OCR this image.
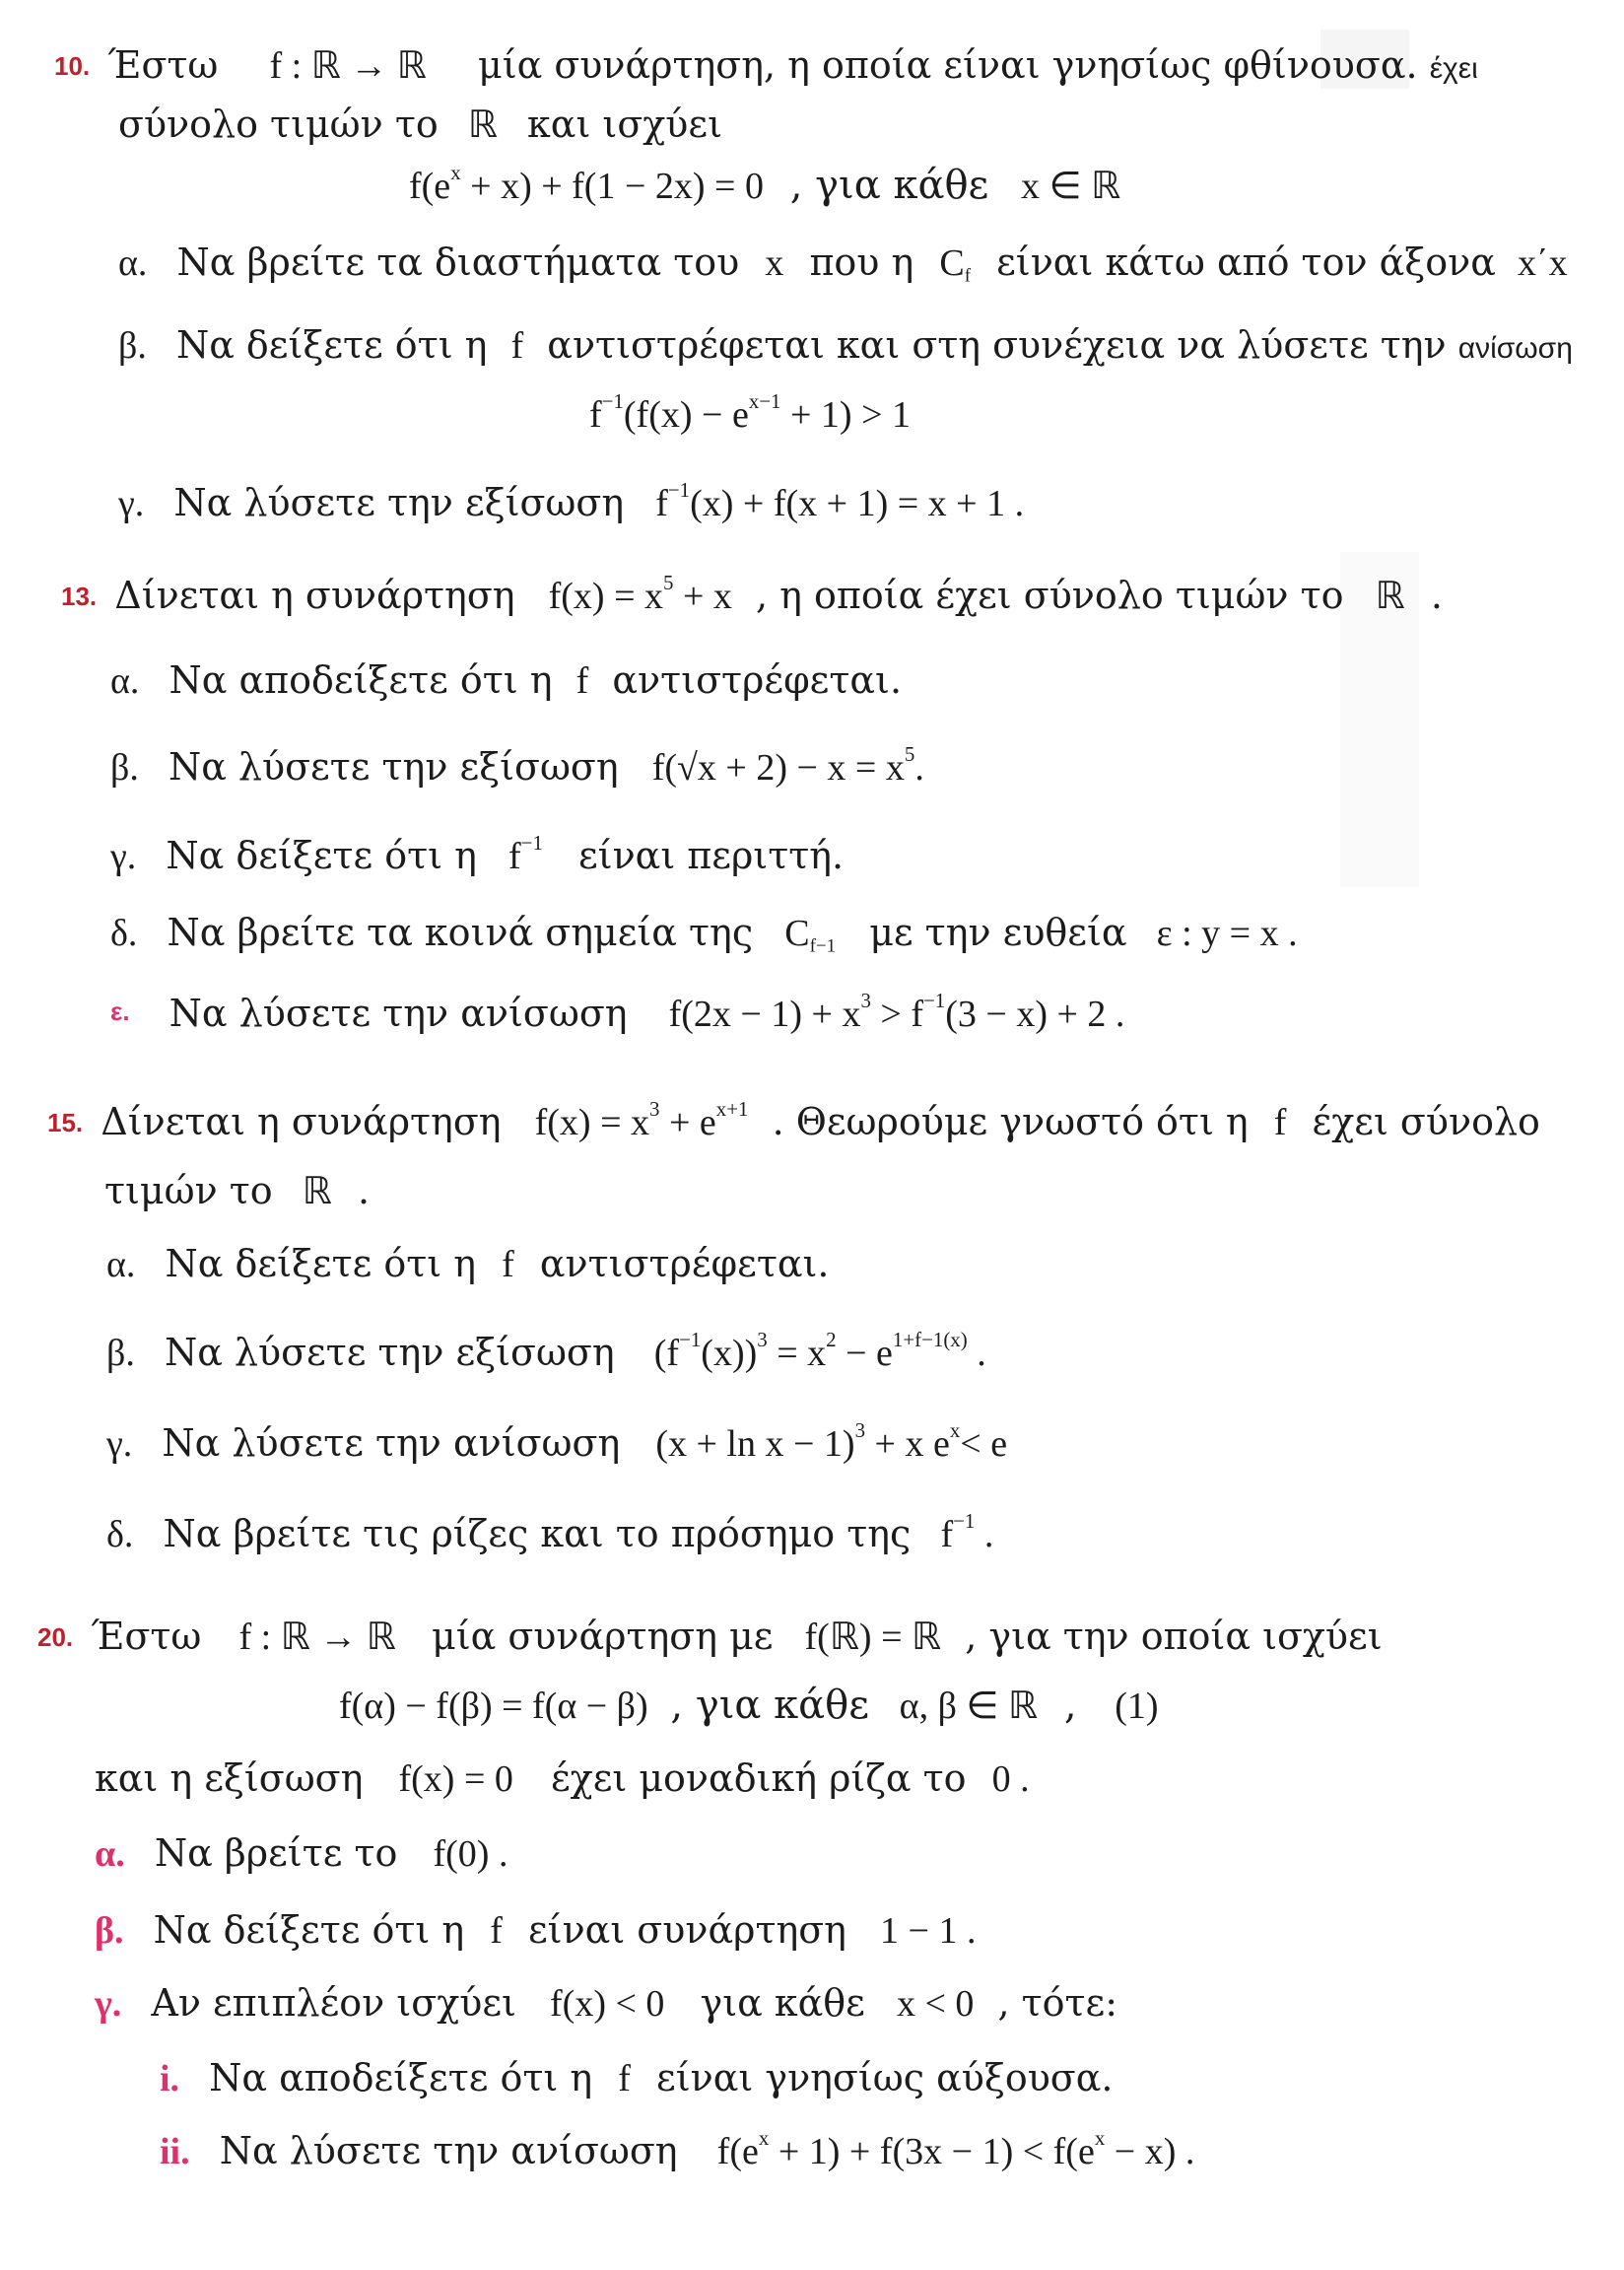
10. Έστω f : ℝ → ℝ μία συνάρτηση, η οποία είναι γνησίως φθίνουσα. έχει
σύνολο τιμών το ℝ και ισχύει
$f(e^x + x) + f(1 - 2x) = 0$ , για κάθε x ∈ ℝ
α. Να βρείτε τα διαστήματα του x που η $C_f$ είναι κάτω από τον άξονα x΄x
β. Να δείξετε ότι η f αντιστρέφεται και στη συνέχεια να λύσετε την ανίσωση
$f^{-1}(f(x) - e^{x-1} + 1) > 1$
γ. Να λύσετε την εξίσωση $f^{-1}(x) + f(x + 1) = x + 1$ .
13. Δίνεται η συνάρτηση $f(x) = x^5 + x$ , η οποία έχει σύνολο τιμών το ℝ .
α. Να αποδείξετε ότι η f αντιστρέφεται.
β. Να λύσετε την εξίσωση $f(√x + 2) - x = x^5$.
γ. Να δείξετε ότι η $f^{-1}$ είναι περιττή.
δ. Να βρείτε τα κοινά σημεία της $C_{f-1}$ με την ευθεία ε : y = x .
ε. Να λύσετε την ανίσωση $f(2x - 1) + x^3 > f^{-1}(3 - x) + 2$ .
15. Δίνεται η συνάρτηση $f(x) = x^3 + e^{x+1}$ . Θεωρούμε γνωστό ότι η f έχει σύνολο
τιμών το ℝ .
α. Να δείξετε ότι η f αντιστρέφεται.
β. Να λύσετε την εξίσωση $(f^{-1}(x))^3 = x^2 - e^{1+f-1(x)}$ .
γ. Να λύσετε την ανίσωση $(x + \ln x - 1)^3 + x$ $e^x< e$
δ. Να βρείτε τις ρίζες και το πρόσημο της $f^{-1}$ .
20. Έστω f : ℝ → ℝ μία συνάρτηση με f(ℝ) = ℝ , για την οποία ισχύει
f(α) − f(β) = f(α − β) , για κάθε α, β ∈ ℝ , (1)
και η εξίσωση f(x) = 0 έχει μοναδική ρίζα το 0 .
α. Να βρείτε το f(0) .
β. Να δείξετε ότι η f είναι συνάρτηση 1 − 1 .
γ. Αν επιπλέον ισχύει f(x) < 0 για κάθε x < 0 , τότε:
i. Να αποδείξετε ότι η f είναι γνησίως αύξουσα.
ii. Να λύσετε την ανίσωση $f(e^x + 1) + f(3x - 1) < f(e^x - x)$ .
